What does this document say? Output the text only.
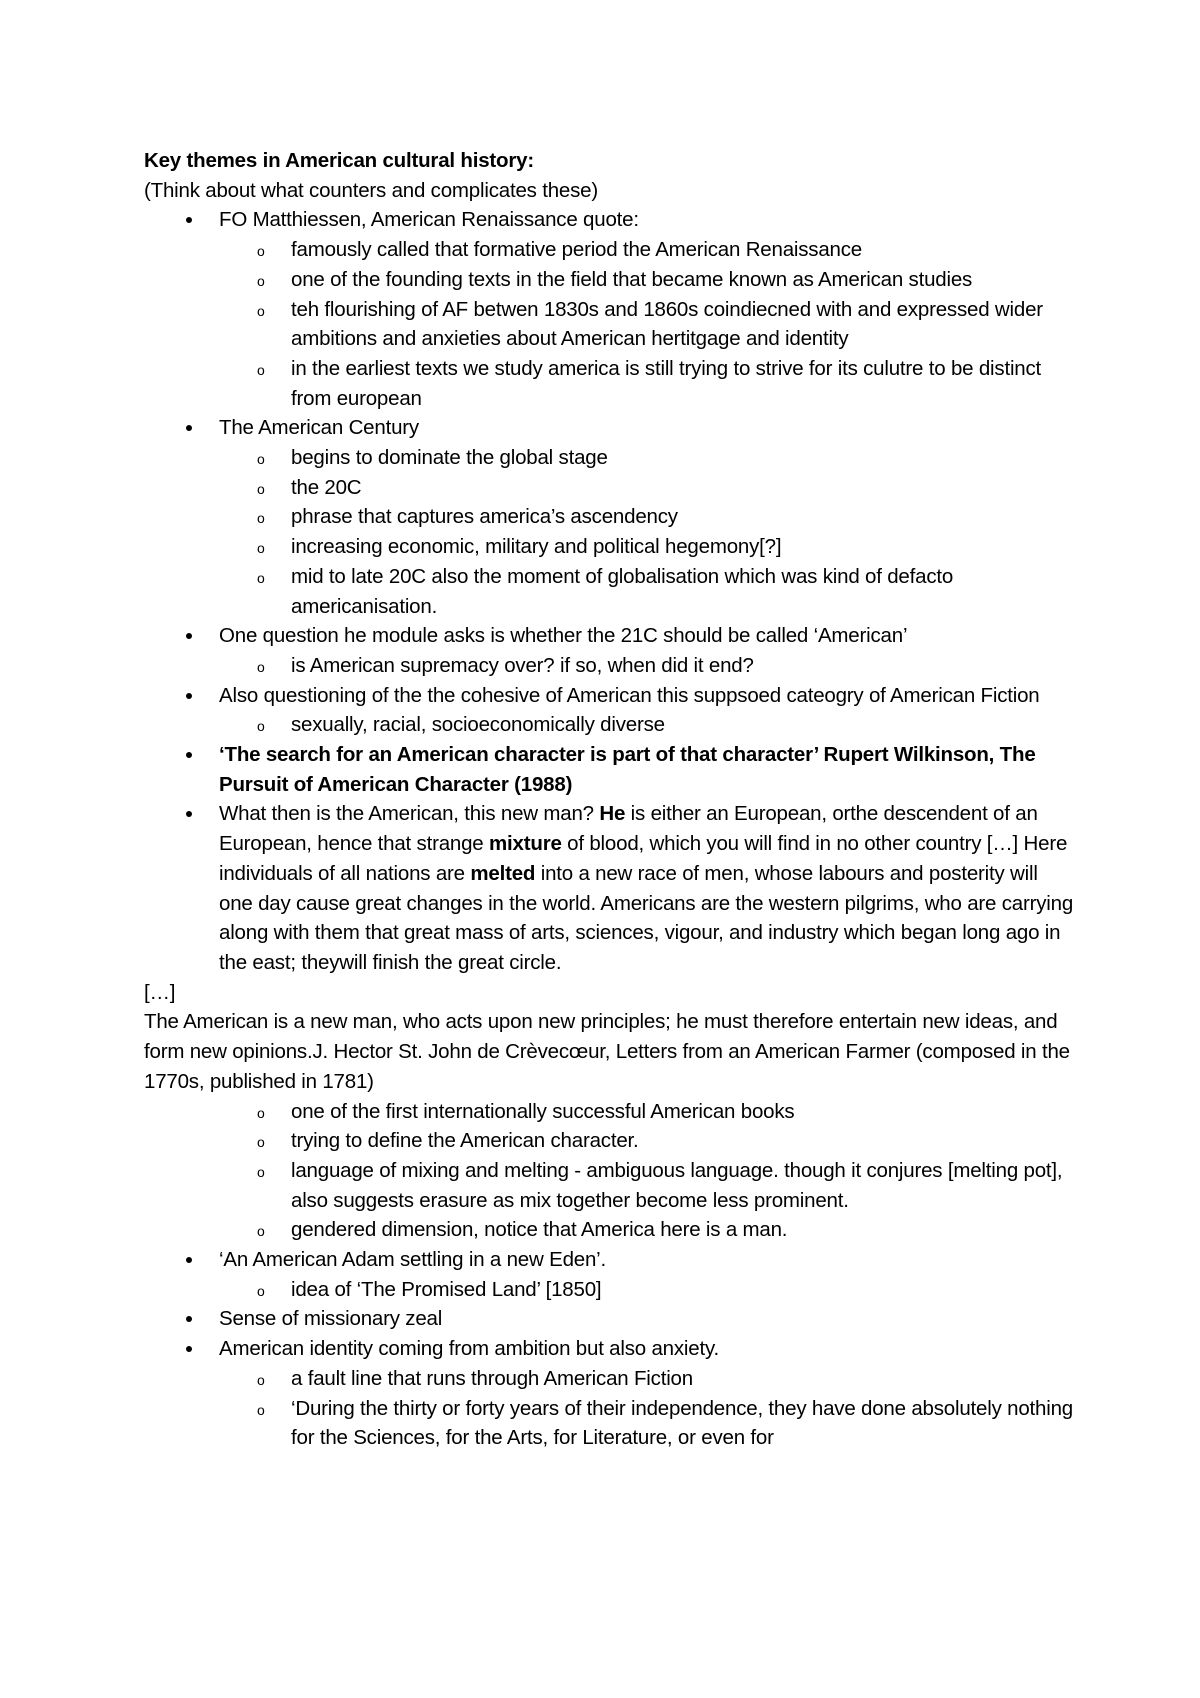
Key themes in American cultural history:

(Think about what counters and complicates these)

FO Matthiessen, American Renaissance quote:
o famously called that formative period the American Renaissance
o one of the founding texts in the field that became known as American studies
o teh flourishing of AF betwen 1830s and 1860s coindiecned with and expressed wider ambitions and anxieties about American hertitgage and identity
o in the earliest texts we study america is still trying to strive for its culutre to be distinct from european
The American Century
o begins to dominate the global stage
o the 20C
o phrase that captures america’s ascendency
o increasing economic, military and political hegemony[?]
o mid to late 20C also the moment of globalisation which was kind of defacto americanisation.
One question he module asks is whether the 21C should be called ‘American’
o is American supremacy over? if so, when did it end?
Also questioning of the the cohesive of American this suppsoed cateogry of American Fiction
o sexually, racial, socioeconomically diverse
‘The search for an American character is part of that character’ Rupert Wilkinson, The Pursuit of American Character (1988)
What then is the American, this new man? He is either an European, orthe descendent of an European, hence that strange mixture of blood, which you will find in no other country […] Here individuals of all nations are melted into a new race of men, whose labours and posterity will one day cause great changes in the world. Americans are the western pilgrims, who are carrying along with them that great mass of arts, sciences, vigour, and industry which began long ago in the east; theywill finish the great circle.

[…]

The American is a new man, who acts upon new principles; he must therefore entertain new ideas, and form new opinions.J. Hector St. John de Crèvecœur, Letters from an American Farmer (composed in the 1770s, published in 1781)

o one of the first internationally successful American books
o trying to define the American character.
o language of mixing and melting - ambiguous language. though it conjures [melting pot], also suggests erasure as mix together become less prominent.
o gendered dimension, notice that America here is a man.
‘An American Adam settling in a new Eden’.
o idea of ‘The Promised Land’ [1850]
Sense of missionary zeal
American identity coming from ambition but also anxiety.
o a fault line that runs through American Fiction
o ‘During the thirty or forty years of their independence, they have done absolutely nothing for the Sciences, for the Arts, for Literature, or even for
